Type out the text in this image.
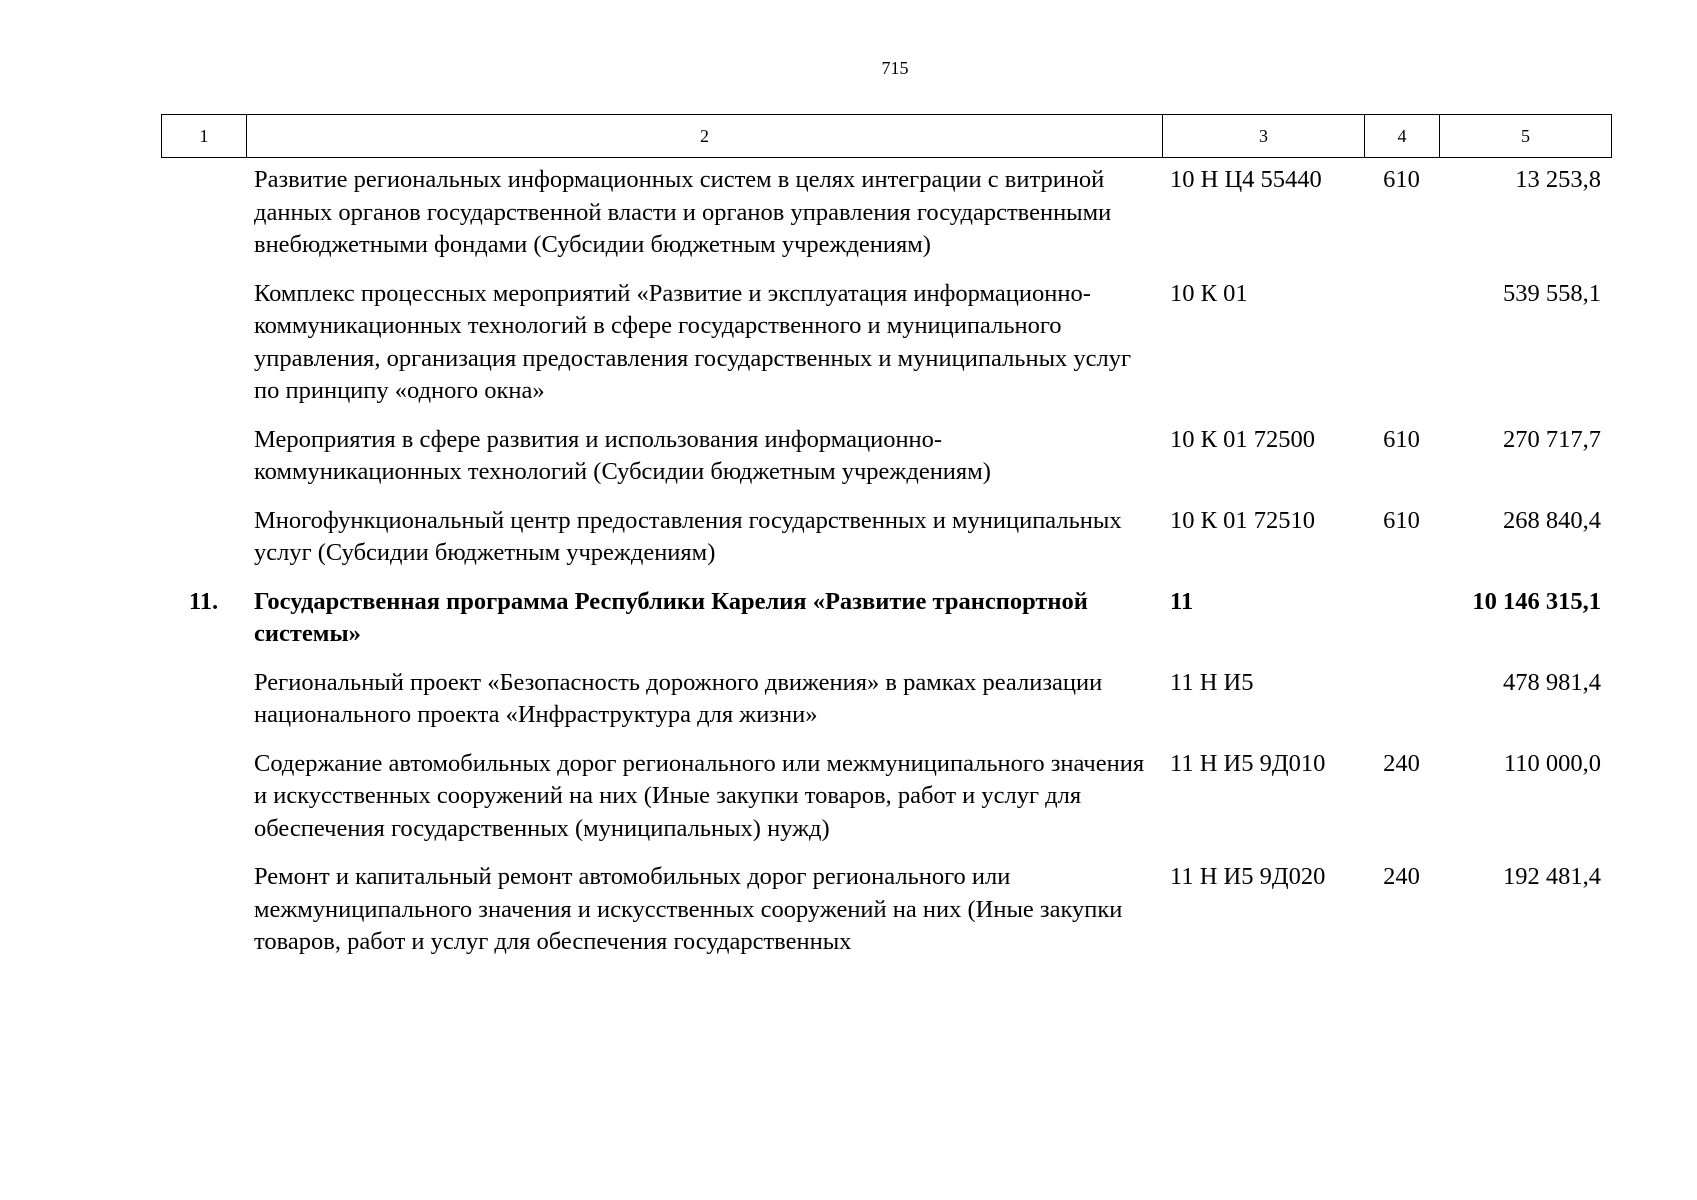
715
1	2	3	4	5
	Развитие региональных информационных систем в целях интеграции с витриной данных органов государственной власти и органов управления государственными внебюджетными фондами (Субсидии бюджетным учреждениям)	10 Н Ц4 55440	610	13 253,8
	Комплекс процессных мероприятий «Развитие и эксплуатация информационно-коммуникационных технологий в сфере государственного и муниципального управления, организация предоставления государственных и муниципальных услуг по принципу «одного окна»	10 К 01		539 558,1
	Мероприятия в сфере развития и использования информационно-коммуникационных технологий (Субсидии бюджетным учреждениям)	10 К 01 72500	610	270 717,7
	Многофункциональный центр предоставления государственных и муниципальных услуг (Субсидии бюджетным учреждениям)	10 К 01 72510	610	268 840,4
11.	Государственная программа Республики Карелия «Развитие транспортной системы»	11		10 146 315,1
	Региональный проект «Безопасность дорожного движения» в рамках реализации национального проекта «Инфраструктура для жизни»	11 Н И5		478 981,4
	Содержание автомобильных дорог регионального или межмуниципального значения и искусственных сооружений на них (Иные закупки товаров, работ и услуг для обеспечения государственных (муниципальных) нужд)	11 Н И5 9Д010	240	110 000,0
	Ремонт и капитальный ремонт автомобильных дорог регионального или межмуниципального значения и искусственных сооружений на них (Иные закупки товаров, работ и услуг для обеспечения государственных	11 Н И5 9Д020	240	192 481,4
